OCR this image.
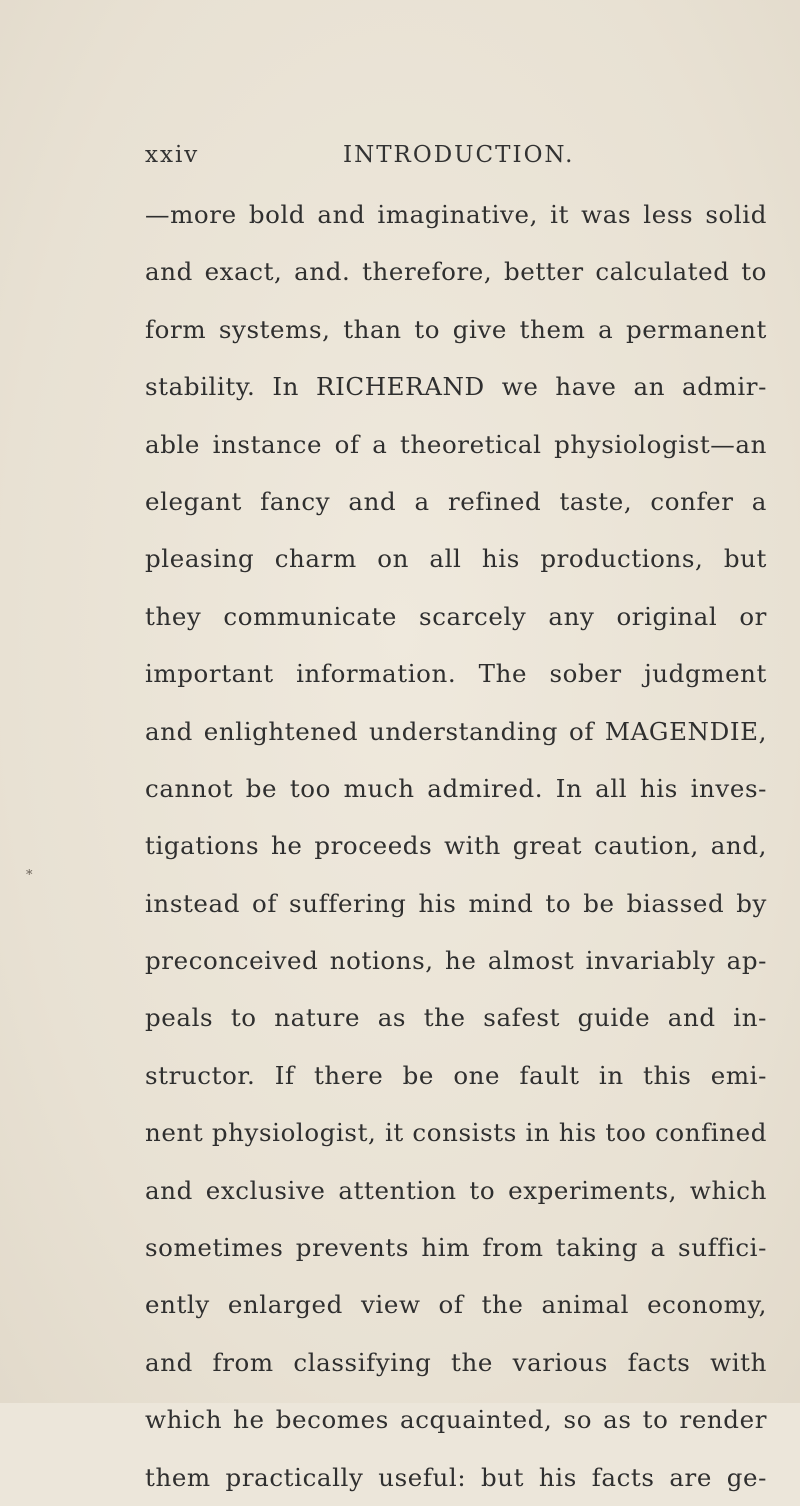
xxiv	INTRODUCTION.
*
—more bold and imaginative, it was less solid
and exact, and. therefore, better calculated to
form systems, than to give them a permanent
stability. In RICHERAND we have an admir-
able instance of a theoretical physiologist—an
elegant fancy and a refined taste, confer a
pleasing charm on all his productions, but
they communicate scarcely any original or
important information. The sober judgment
and enlightened understanding of MAGENDIE,
cannot be too much admired. In all his inves-
tigations he proceeds with great caution, and,
instead of suffering his mind to be biassed by
preconceived notions, he almost invariably ap-
peals to nature as the safest guide and in-
structor. If there be one fault in this emi-
nent physiologist, it consists in his too confined
and exclusive attention to experiments, which
sometimes prevents him from taking a suffici-
ently enlarged view of the animal economy,
and from classifying the various facts with
which he becomes acquainted, so as to render
them practically useful: but his facts are ge-
